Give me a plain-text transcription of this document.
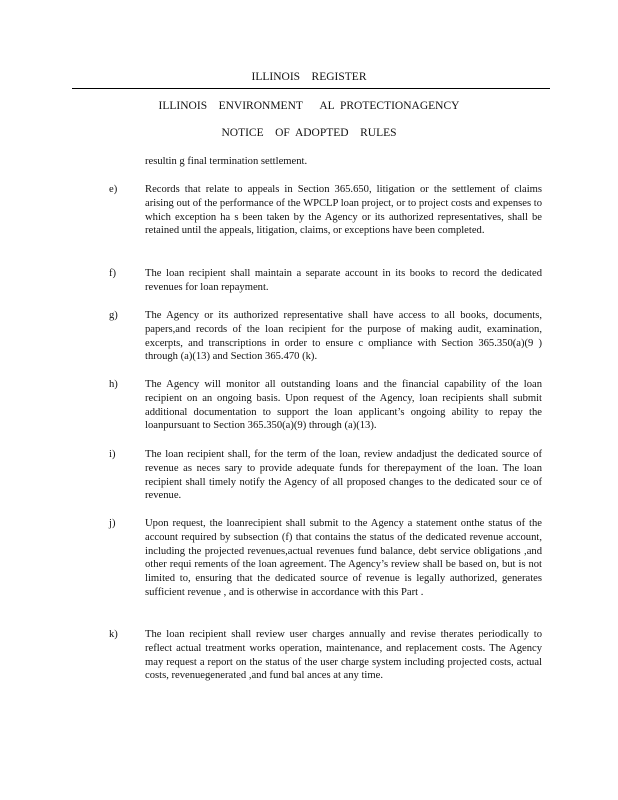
ILLINOIS    REGISTER
ILLINOIS    ENVIRONMENT      AL  PROTECTIONAGENCY
NOTICE    OF  ADOPTED    RULES
resultin g final termination settlement.
e)	Records that relate to appeals in Section 365.650, litigation or the settlement of claims arising out of the performance of the WPCLP loan project, or to project costs and expenses to which exception ha s been taken by the Agency or its authorized representatives, shall be retained until the appeals, litigation, claims, or exceptions have been completed.
f)	The loan recipient shall maintain a separate account in its books to record the dedicated revenues for loan repayment.
g)	The Agency or its authorized representative shall have access to all books, documents, papers,and records of the loan recipient for the purpose of making audit, examination, excerpts, and transcriptions in order to ensure c ompliance with Section 365.350(a)(9 ) through (a)(13) and Section 365.470 (k).
h)	The Agency will monitor all outstanding loans and the financial capability of the loan recipient on an ongoing basis. Upon request of the Agency, loan recipients shall submit additional documentation to support the loan applicant’s ongoing ability to repay the loanpursuant to Section 365.350(a)(9) through (a)(13).
i)	The loan recipient shall, for the term of the loan, review andadjust the dedicated source of revenue as neces sary to provide adequate funds for therepayment of the loan. The loan recipient shall timely notify the Agency of all proposed changes to the dedicated sour ce of revenue.
j)	Upon request, the loanrecipient shall submit to the Agency a statement onthe status of the account required by subsection (f) that contains the status of the dedicated revenue account, including the projected revenues,actual revenues fund balance, debt service obligations ,and other requi rements of the loan agreement. The Agency’s review shall be based on, but is not limited to, ensuring that the dedicated source of revenue is legally authorized, generates sufficient revenue , and is otherwise in accordance with this Part .
k)	The loan recipient shall review user charges annually and revise therates periodically to reflect actual treatment works operation, maintenance, and replacement costs. The Agency may request a report on the status of the user charge system including projected costs, actual costs, revenuegenerated ,and fund bal ances at any time.
